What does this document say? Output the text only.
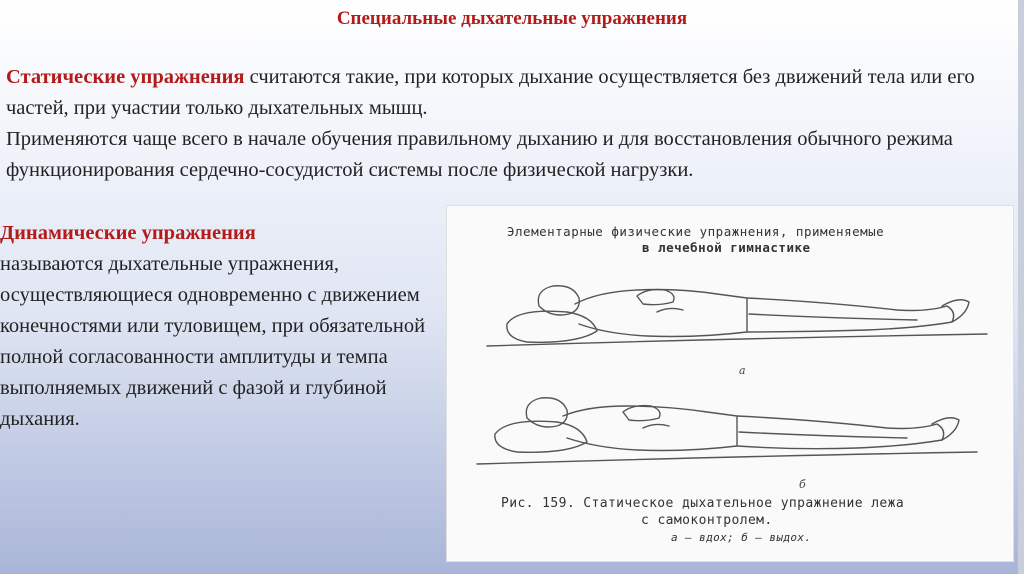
Специальные дыхательные упражнения
Статические упражнения считаются такие, при которых дыхание осуществляется без движений тела или его частей, при участии только дыхательных мышц.
Применяются чаще всего в начале обучения правильному дыханию и для восстановления обычного режима функционирования сердечно-сосудистой системы после физической нагрузки.
Динамические упражнения
называются дыхательные упражнения, осуществляющиеся одновременно с движением конечностями или туловищем, при обязательной полной согласованности амплитуды и темпа выполняемых движений с фазой и глубиной дыхания.
Элементарные физические упражнения, применяемые
в лечебной гимнастике
а
б
Рис. 159. Статическое дыхательное упражнение лежа
с самоконтролем.
а — вдох; б — выдох.
